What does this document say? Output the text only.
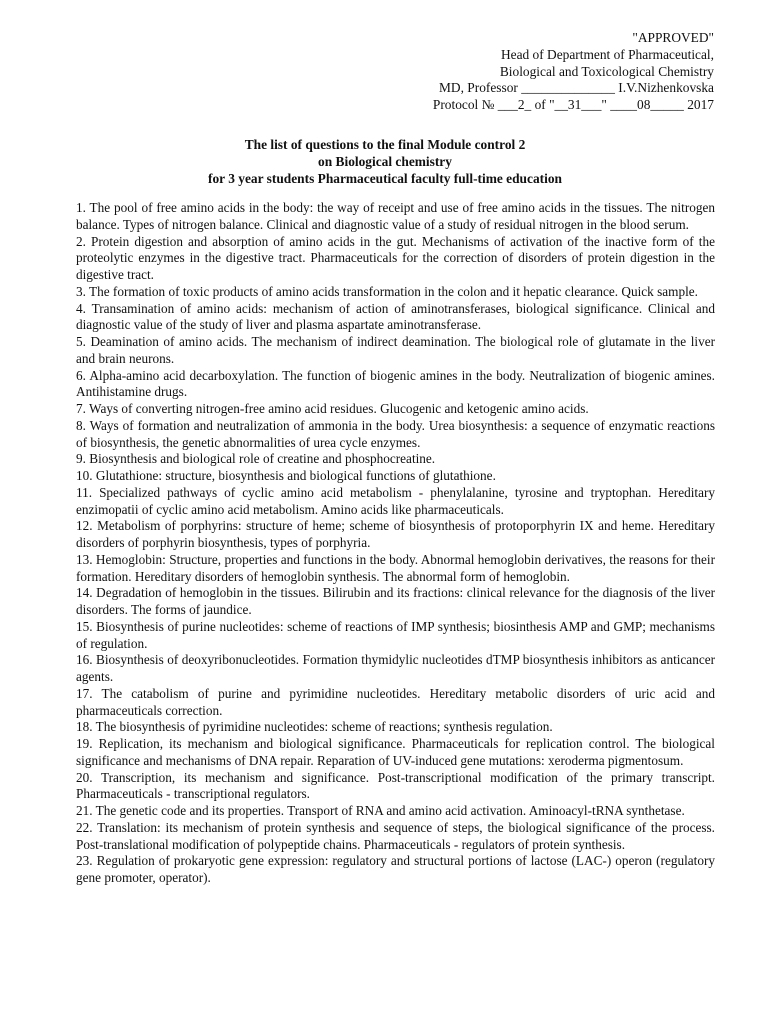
"APPROVED"
Head of Department of Pharmaceutical,
Biological and Toxicological Chemistry
MD, Professor ______________ I.V.Nizhenkovska
Protocol № ___2_ of "__31___" ____08_____ 2017
The list of questions to the final Module control 2
on Biological chemistry
for 3 year students Pharmaceutical faculty full-time education

1. The pool of free amino acids in the body: the way of receipt and use of free amino acids in the tissues. The nitrogen balance. Types of nitrogen balance. Clinical and diagnostic value of a study of residual nitrogen in the blood serum.

2. Protein digestion and absorption of amino acids in the gut. Mechanisms of activation of the inactive form of the proteolytic enzymes in the digestive tract. Pharmaceuticals for the correction of disorders of protein digestion in the digestive tract.

3. The formation of toxic products of amino acids transformation in the colon and it hepatic clearance. Quick sample.

4. Transamination of amino acids: mechanism of action of aminotransferases, biological significance. Clinical and diagnostic value of the study of liver and plasma aspartate aminotransferase.

5. Deamination of amino acids. The mechanism of indirect deamination. The biological role of glutamate in the liver and brain neurons.

6. Alpha-amino acid decarboxylation. The function of biogenic amines in the body. Neutralization of biogenic amines. Antihistamine drugs.

7. Ways of converting nitrogen-free amino acid residues. Glucogenic and ketogenic amino acids.

8. Ways of formation and neutralization of ammonia in the body. Urea biosynthesis: a sequence of enzymatic reactions of biosynthesis, the genetic abnormalities of urea cycle enzymes.

9. Biosynthesis and biological role of creatine and phosphocreatine.

10. Glutathione: structure, biosynthesis and biological functions of glutathione.

11. Specialized pathways of cyclic amino acid metabolism - phenylalanine, tyrosine and tryptophan. Hereditary enzimopatii of cyclic amino acid metabolism. Amino acids like pharmaceuticals.

12. Metabolism of porphyrins: structure of heme; scheme of biosynthesis of protoporphyrin IX and heme. Hereditary disorders of porphyrin biosynthesis, types of porphyria.

13. Hemoglobin: Structure, properties and functions in the body. Abnormal hemoglobin derivatives, the reasons for their formation. Hereditary disorders of hemoglobin synthesis. The abnormal form of hemoglobin.

14. Degradation of hemoglobin in the tissues. Bilirubin and its fractions: clinical relevance for the diagnosis of the liver disorders. The forms of jaundice.

15. Biosynthesis of purine nucleotides: scheme of reactions of IMP synthesis; biosinthesis AMP and GMP; mechanisms of regulation.

16. Biosynthesis of deoxyribonucleotides. Formation thymidylic nucleotides dTMP biosynthesis inhibitors as anticancer agents.

17. The catabolism of purine and pyrimidine nucleotides. Hereditary metabolic disorders of uric acid and pharmaceuticals correction.

18. The biosynthesis of pyrimidine nucleotides: scheme of reactions; synthesis regulation.

19. Replication, its mechanism and biological significance. Pharmaceuticals for replication control. The biological significance and mechanisms of DNA repair. Reparation of UV-induced gene mutations: xeroderma pigmentosum.

20. Transcription, its mechanism and significance. Post-transcriptional modification of the primary transcript. Pharmaceuticals - transcriptional regulators.

21. The genetic code and its properties. Transport of RNA and amino acid activation. Aminoacyl-tRNA synthetase.

22. Translation: its mechanism of protein synthesis and sequence of steps, the biological significance of the process. Post-translational modification of polypeptide chains. Pharmaceuticals - regulators of protein synthesis.

23. Regulation of prokaryotic gene expression: regulatory and structural portions of lactose (LAC-) operon (regulatory gene promoter, operator).
